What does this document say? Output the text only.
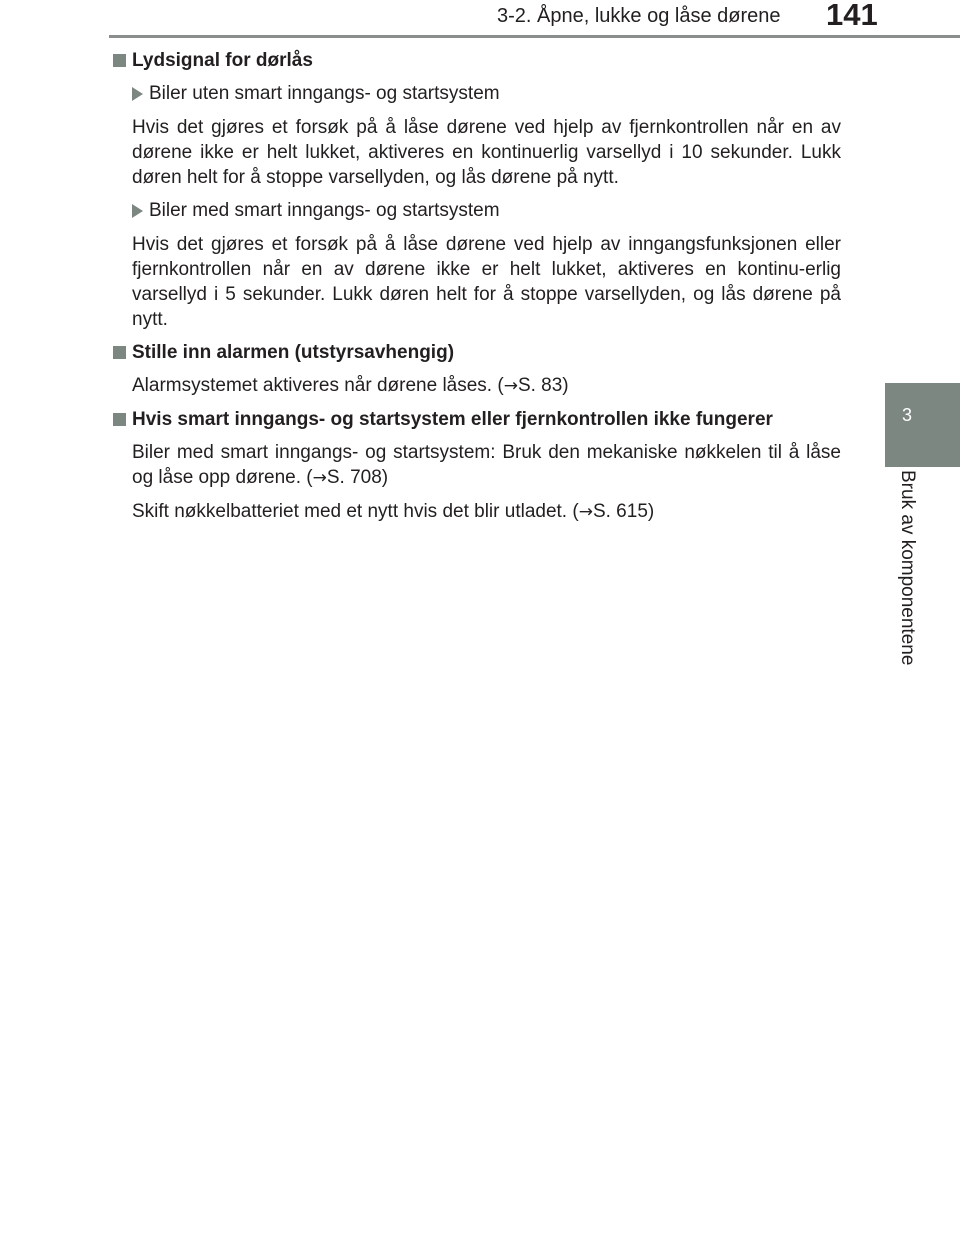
3-2. Åpne, lukke og låse dørene 141
3
Bruk av komponentene
Lydsignal for dørlås
Biler uten smart inngangs- og startsystem

Hvis det gjøres et forsøk på å låse dørene ved hjelp av fjernkontrollen når en av dørene ikke er helt lukket, aktiveres en kontinuerlig varsellyd i 10 sekunder. Lukk døren helt for å stoppe varsellyden, og lås dørene på nytt.

Biler med smart inngangs- og startsystem

Hvis det gjøres et forsøk på å låse dørene ved hjelp av inngangsfunksjonen eller fjernkontrollen når en av dørene ikke er helt lukket, aktiveres en kontinu-erlig varsellyd i 5 sekunder. Lukk døren helt for å stoppe varsellyden, og lås dørene på nytt.

Stille inn alarmen (utstyrsavhengig)

Alarmsystemet aktiveres når dørene låses. (→S. 83)

Hvis smart inngangs- og startsystem eller fjernkontrollen ikke fungerer

Biler med smart inngangs- og startsystem: Bruk den mekaniske nøkkelen til å låse og låse opp dørene. (→S. 708)

Skift nøkkelbatteriet med et nytt hvis det blir utladet. (→S. 615)
